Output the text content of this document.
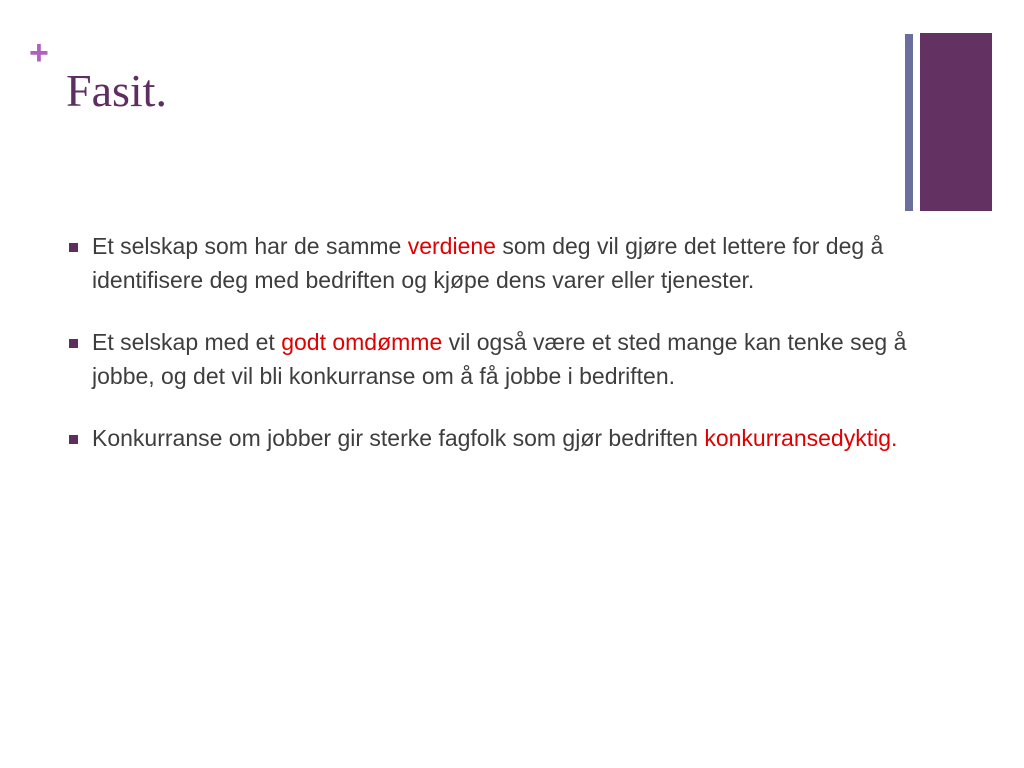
+
Fasit.
Et selskap som har de samme verdiene som deg vil gjøre det lettere for deg å identifisere deg med bedriften og kjøpe dens varer eller tjenester.
Et selskap med et godt omdømme vil også være et sted mange kan tenke seg å jobbe, og det vil bli konkurranse om å få jobbe i bedriften.
Konkurranse om jobber gir sterke fagfolk som gjør bedriften konkurransedyktig.
